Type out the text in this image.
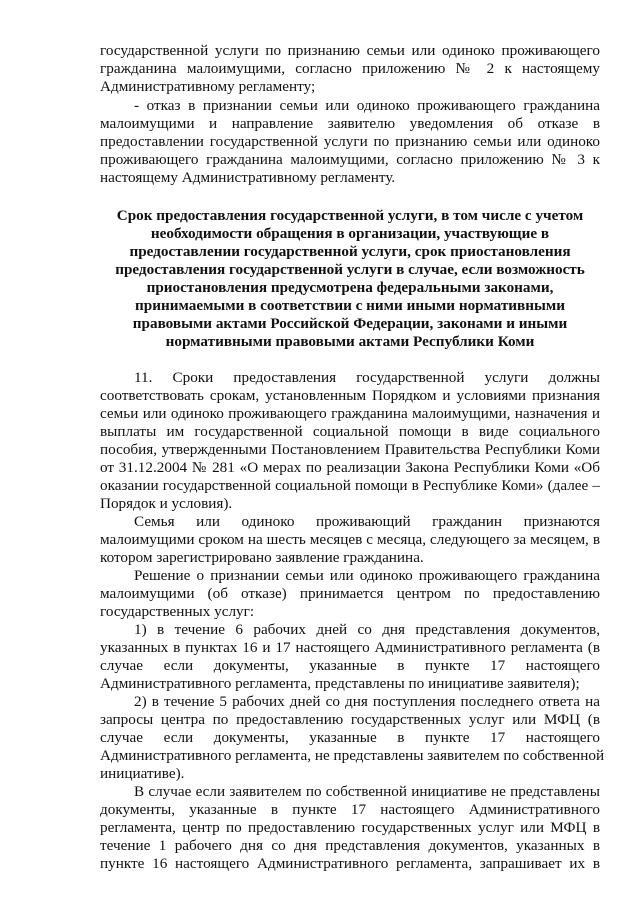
государственной услуги по признанию семьи или одиноко проживающего
гражданина малоимущими, согласно приложению № 2 к настоящему
Административному регламенту;
- отказ в признании семьи или одиноко проживающего гражданина
малоимущими и направление заявителю уведомления об отказе в
предоставлении государственной услуги по признанию семьи или одиноко
проживающего гражданина малоимущими, согласно приложению № 3 к
настоящему Административному регламенту.
Срок предоставления государственной услуги, в том числе с учетом
необходимости обращения в организации, участвующие в
предоставлении государственной услуги, срок приостановления
предоставления государственной услуги в случае, если возможность
приостановления предусмотрена федеральными законами,
принимаемыми в соответствии с ними иными нормативными
правовыми актами Российской Федерации, законами и иными
нормативными правовыми актами Республики Коми
11. Сроки предоставления государственной услуги должны
соответствовать срокам, установленным Порядком и условиями признания
семьи или одиноко проживающего гражданина малоимущими, назначения и
выплаты им государственной социальной помощи в виде социального
пособия, утвержденными Постановлением Правительства Республики Коми
от 31.12.2004 № 281 «О мерах по реализации Закона Республики Коми «Об
оказании государственной социальной помощи в Республике Коми» (далее –
Порядок и условия).
Семья или одиноко проживающий гражданин признаются
малоимущими сроком на шесть месяцев с месяца, следующего за месяцем, в
котором зарегистрировано заявление гражданина.
Решение о признании семьи или одиноко проживающего гражданина
малоимущими (об отказе) принимается центром по предоставлению
государственных услуг:
1) в течение 6 рабочих дней со дня представления документов,
указанных в пунктах 16 и 17 настоящего Административного регламента (в
случае если документы, указанные в пункте 17 настоящего
Административного регламента, представлены по инициативе заявителя);
2) в течение 5 рабочих дней со дня поступления последнего ответа на
запросы центра по предоставлению государственных услуг или МФЦ (в
случае если документы, указанные в пункте 17 настоящего
Административного регламента, не представлены заявителем по собственной
инициативе).
В случае если заявителем по собственной инициативе не представлены
документы, указанные в пункте 17 настоящего Административного
регламента, центр по предоставлению государственных услуг или МФЦ в
течение 1 рабочего дня со дня представления документов, указанных в
пункте 16 настоящего Административного регламента, запрашивает их в
